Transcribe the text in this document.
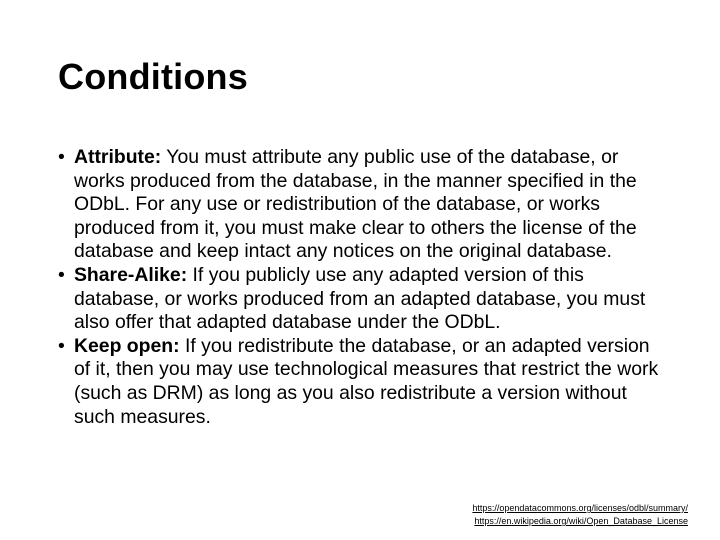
Conditions
• Attribute: You must attribute any public use of the database, or works produced from the database, in the manner specified in the ODbL. For any use or redistribution of the database, or works produced from it, you must make clear to others the license of the database and keep intact any notices on the original database.
• Share-Alike: If you publicly use any adapted version of this database, or works produced from an adapted database, you must also offer that adapted database under the ODbL.
• Keep open: If you redistribute the database, or an adapted version of it, then you may use technological measures that restrict the work (such as DRM) as long as you also redistribute a version without such measures.
https://opendatacommons.org/licenses/odbl/summary/
https://en.wikipedia.org/wiki/Open_Database_License
